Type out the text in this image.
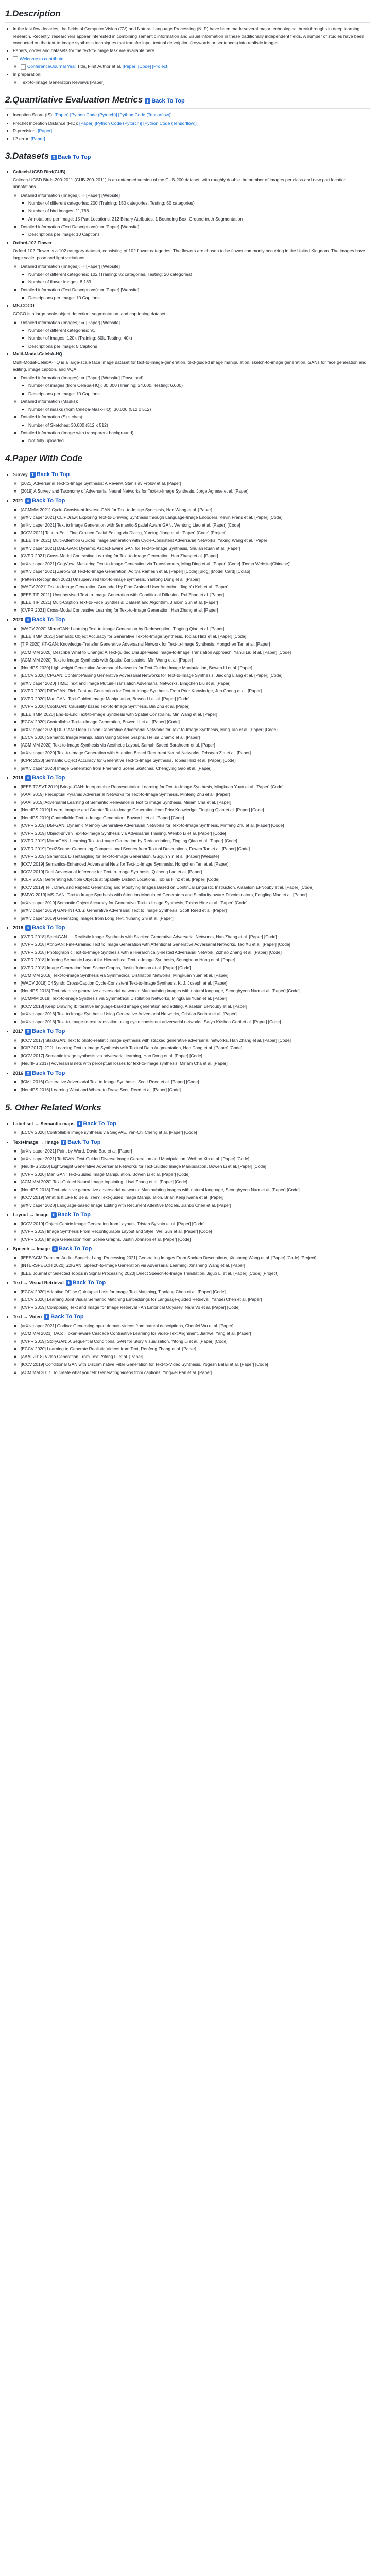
1.Description
• In the last few decades, the fields of Computer Vision (CV) and Natural Language Processing (NLP) have been made several major technological breakthroughs in deep learning research. Recently, researchers appear interested in combining semantic information and visual information in these traditionally independent fields. A number of studies have been conducted on the text-to-image synthesis techniques that transfer input textual description (keywords or sentences) into realistic images.
• Papers, codes and datasets for the text-to-image task are available here.
• Welcome to contribute!
◦ Conference/Journal Year Title, First Author et al. [Paper] [Code] [Project]
• In preparation:
◦ Text-to-Image Generation Reviews [Paper]
2.Quantitative Evaluation Metrics ⬆ Back To Top
• Inception Score (IS): [Paper] [Python Code (Pytorch)] [Python Code (Tensorflow)]
• Fréchet Inception Distance (FID): [Paper] [Python Code (Pytorch)] [Python Code (Tensorflow)]
• R-precision: [Paper]
• L2 error: [Paper]
3.Datasets ⬆ Back To Top
• Caltech-UCSD Bird(CUB)

Caltech-UCSD Birds-200-2011 (CUB-200-2011) is an extended version of the CUB-200 dataset, with roughly double the number of images per class and new part location annotations.

◦ Detailed information (Images): ⇒ [Paper] [Website]
▪ Number of different categories: 200 (Training: 150 categories. Testing: 50 categories)
▪ Number of bird images: 11,788
▪ Annotations per image: 15 Part Locations, 312 Binary Attributes, 1 Bounding Box, Ground-truth Segmentation
◦ Detailed information (Text Descriptions): ⇒ [Paper] [Website]
▪ Descriptions per image: 10 Captions
• Oxford-102 Flower

Oxford-102 Flower is a 102 category dataset, consisting of 102 flower categories. The flowers are chosen to be flower commonly occurring in the United Kingdom. The images have large scale, pose and light variations.

◦ Detailed information (Images): ⇒ [Paper] [Website]
▪ Number of different categories: 102 (Training: 82 categories. Testing: 20 categories)
▪ Number of flower images: 8,189
◦ Detailed information (Text Descriptions): ⇒ [Paper] [Website]
▪ Descriptions per image: 10 Captions
• MS-COCO

COCO is a large-scale object detection, segmentation, and captioning dataset.

◦ Detailed information (Images): ⇒ [Paper] [Website]
▪ Number of different categories: 91
▪ Number of images: 120k (Training: 80k. Testing: 40k)
▪ Descriptions per image: 5 Captions
• Multi-Modal-CelebA-HQ

Multi-Modal-CelebA-HQ is a large-scale face image dataset for text-to-image-generation, text-guided image manipulation, sketch-to-image generation, GANs for face generation and editing, image caption, and VQA.

◦ Detailed information (Images): ⇒ [Paper] [Website] [Download]
▪ Number of images (from Celeba-HQ): 30,000 (Training: 24,000. Testing: 6,000)
▪ Descriptions per image: 10 Captions
◦ Detailed information (Masks):
▪ Number of masks (from Celeba-Mask-HQ): 30,000 (512 x 512)
◦ Detailed information (Sketches):
▪ Number of Sketches: 30,000 (512 x 512)
◦ Detailed information (Image with transparent background):
▪ Not fully uploaded
4.Paper With Code
• Survey ⬆ Back To Top
◦ [2021] Adversarial Text-to-Image Synthesis: A Review, Stanislav Frolov et al. [Paper]
◦ [2019] A Survey and Taxonomy of Adversarial Neural Networks for Text-to-Image Synthesis, Jorge Agnese et al. [Paper]
• 2021 ⬆ Back To Top
◦ [ACMMM 2021] Cycle-Consistent Inverse GAN for Text-to-Image Synthesis, Hao Wang et al. [Paper]
◦ [arXiv paper 2021] CLIPDraw: Exploring Text-to-Drawing Synthesis through Language-Image Encoders, Kevin Frans et al. [Paper] [Code]
◦ [arXiv paper 2021] Text to Image Generation with Semantic-Spatial Aware GAN, Wentong Liao et al. [Paper] [Code]
◦ [ICCV 2021] Talk-to-Edit: Fine-Grained Facial Editing via Dialog, Yuming Jiang et al. [Paper] [Code] [Project]
◦ [IEEE TIP 2021] Multi-Attention Guided Image Generation with Cycle-Consistent Adversarial Networks, Yaxing Wang et al. [Paper]
◦ [arXiv paper 2021] DAE-GAN: Dynamic Aspect-aware GAN for Text-to-Image Synthesis, Shulan Ruan et al. [Paper]
◦ [CVPR 2021] Cross-Modal Contrastive Learning for Text-to-Image Generation, Han Zhang et al. [Paper]
◦ [arXiv paper 2021] CogView: Mastering Text-to-Image Generation via Transformers, Ming Ding et al. [Paper] [Code] [Demo Website(Chinese)]
◦ [arXiv paper 2021] Zero-Shot Text-to-Image Generation, Aditya Ramesh et al. [Paper] [Code] [Blog] [Model Card] [Colab]
◦ [Pattern Recognition 2021] Unsupervised text-to-image synthesis, Yanlong Dong et al. [Paper]
◦ [WACV 2021] Text-to-Image Generation Grounded by Fine-Grained User Attention, Jing Yu Koh et al. [Paper]
◦ [IEEE TIP 2021] Unsupervised Text-to-Image Generation with Conditional Diffusion, Rui Zhao et al. [Paper]
◦ [IEEE TIP 2021] Multi-Caption Text-to-Face Synthesis: Dataset and Algorithm, Jianxin Sun et al. [Paper]
◦ [CVPR 2021] Cross-Modal Contrastive Learning for Text-to-Image Generation, Han Zhang et al. [Paper]
• 2020 ⬆ Back To Top
◦ [WACV 2020] MirrorGAN: Learning Text-to-image Generation by Redescription, Tingting Qiao et al. [Paper]
◦ [IEEE TMM 2020] Semantic Object Accuracy for Generative Text-to-Image Synthesis, Tobias Hinz et al. [Paper] [Code]
◦ [TIP 2020] KT-GAN: Knowledge-Transfer Generative Adversarial Network for Text-to-Image Synthesis, Hongchen Tan et al. [Paper]
◦ [ACM MM 2020] Describe What to Change: A Text-guided Unsupervised Image-to-Image Translation Approach, Yahui Liu et al. [Paper] [Code]
◦ [ACM MM 2020] Text-to-Image Synthesis with Spatial Constraints, Min Wang et al. [Paper]
◦ [NeurIPS 2020] Lightweight Generative Adversarial Networks for Text-Guided Image Manipulation, Bowen Li et al. [Paper]
◦ [ECCV 2020] CPGAN: Content-Parsing Generative Adversarial Networks for Text-to-Image Synthesis, Jiadong Liang et al. [Paper] [Code]
◦ [arXiv paper 2020] TIME: Text and Image Mutual-Translation Adversarial Networks, Bingchen Liu et al. [Paper]
◦ [CVPR 2020] RiFeGAN: Rich Feature Generation for Text-to-Image Synthesis From Prior Knowledge, Jun Cheng et al. [Paper]
◦ [CVPR 2020] ManiGAN: Text-Guided Image Manipulation, Bowen Li et al. [Paper] [Code]
◦ [CVPR 2020] CookGAN: Causality based Text-to-Image Synthesis, Bin Zhu et al. [Paper]
◦ [IEEE TMM 2020] End-to-End Text-to-Image Synthesis with Spatial Constrains, Min Wang et al. [Paper]
◦ [ECCV 2020] Controllable Text-to-Image Generation, Bowen Li et al. [Paper] [Code]
◦ [arXiv paper 2020] DF-GAN: Deep Fusion Generative Adversarial Networks for Text-to-Image Synthesis, Ming Tao et al. [Paper] [Code]
◦ [ECCV 2020] Semantic Image Manipulation Using Scene Graphs, Helisa Dhamo et al. [Paper]
◦ [ACM MM 2020] Text-to-Image Synthesis via Aesthetic Layout, Samah Saeed Baraheem et al. [Paper]
◦ [arXiv paper 2020] Text-to-Image Generation with Attention Based Recurrent Neural Networks, Tehseen Zia et al. [Paper]
◦ [ICPR 2020] Semantic Object Accuracy for Generative Text-to-Image Synthesis, Tobias Hinz et al. [Paper] [Code]
◦ [arXiv paper 2020] Image Generation from Freehand Scene Sketches, Chengying Gao et al. [Paper]
• 2019 ⬆ Back To Top
◦ [IEEE TCSVT 2019] Bridge-GAN: Interpretable Representation Learning for Text-to-Image Synthesis, Mingkuan Yuan et al. [Paper] [Code]
◦ [AAAI 2019] Perceptual Pyramid Adversarial Networks for Text-to-Image Synthesis, Minfeng Zhu et al. [Paper]
◦ [AAAI 2019] Adversarial Learning of Semantic Relevance in Text to Image Synthesis, Miriam Cha et al. [Paper]
◦ [NeurIPS 2019] Learn, Imagine and Create: Text-to-Image Generation from Prior Knowledge, Tingting Qiao et al. [Paper] [Code]
◦ [NeurIPS 2019] Controllable Text-to-Image Generation, Bowen Li et al. [Paper] [Code]
◦ [CVPR 2019] DM-GAN: Dynamic Memory Generative Adversarial Networks for Text-to-Image Synthesis, Minfeng Zhu et al. [Paper] [Code]
◦ [CVPR 2019] Object-driven Text-to-Image Synthesis via Adversarial Training, Wenbo Li et al. [Paper] [Code]
◦ [CVPR 2019] MirrorGAN: Learning Text-to-image Generation by Redescription, Tingting Qiao et al. [Paper] [Code]
◦ [CVPR 2019] Text2Scene: Generating Compositional Scenes from Textual Descriptions, Fuwen Tan et al. [Paper] [Code]
◦ [CVPR 2019] Semantics Disentangling for Text-to-Image Generation, Guojun Yin et al. [Paper] [Website]
◦ [ICCV 2019] Semantics-Enhanced Adversarial Nets for Text-to-Image Synthesis, Hongchen Tan et al. [Paper]
◦ [ICCV 2019] Dual Adversarial Inference for Text-to-Image Synthesis, Qicheng Lao et al. [Paper]
◦ [ICLR 2019] Generating Multiple Objects at Spatially Distinct Locations, Tobias Hinz et al. [Paper] [Code]
◦ [ICCV 2019] Tell, Draw, and Repeat: Generating and Modifying Images Based on Continual Linguistic Instruction, Alaaeldin El-Nouby et al. [Paper] [Code]
◦ [BMVC 2019] MS-GAN: Text to Image Synthesis with Attention-Modulated Generators and Similarity-aware Discriminators, Fengling Mao et al. [Paper]
◦ [arXiv paper 2019] Semantic Object Accuracy for Generative Text-to-Image Synthesis, Tobias Hinz et al. [Paper] [Code]
◦ [arXiv paper 2019] GAN-INT-CLS: Generative Adversarial Text to Image Synthesis, Scott Reed et al. [Paper]
◦ [arXiv paper 2019] Generating Images from Long Text, Yuhang Shi et al. [Paper]
• 2018 ⬆ Back To Top
◦ [CVPR 2018] StackGAN++: Realistic Image Synthesis with Stacked Generative Adversarial Networks, Han Zhang et al. [Paper] [Code]
◦ [CVPR 2018] AttnGAN: Fine-Grained Text to Image Generation with Attentional Generative Adversarial Networks, Tao Xu et al. [Paper] [Code]
◦ [CVPR 2018] Photographic Text-to-Image Synthesis with a Hierarchically-nested Adversarial Network, Zizhao Zhang et al. [Paper] [Code]
◦ [CVPR 2018] Inferring Semantic Layout for Hierarchical Text-to-Image Synthesis, Seunghoon Hong et al. [Paper]
◦ [CVPR 2018] Image Generation from Scene Graphs, Justin Johnson et al. [Paper] [Code]
◦ [ACM MM 2018] Text-to-image Synthesis via Symmetrical Distillation Networks, Mingkuan Yuan et al. [Paper]
◦ [WACV 2018] C4Synth: Cross-Caption Cycle-Consistent Text-to-Image Synthesis, K. J. Joseph et al. [Paper]
◦ [NeurIPS 2018] Text-adaptive generative adversarial networks: Manipulating images with natural language, Seonghyeon Nam et al. [Paper] [Code]
◦ [ACMMM 2018] Text-to-image Synthesis via Symmetrical Distillation Networks, Mingkuan Yuan et al. [Paper]
◦ [ICCV 2018] Keep Drawing It: Iterative language-based image generation and editing, Alaaeldin El-Nouby et al. [Paper]
◦ [arXiv paper 2018] Text to Image Synthesis Using Generative Adversarial Networks, Cristian Bodnar et al. [Paper]
◦ [arXiv paper 2018] Text-to-image-to-text translation using cycle consistent adversarial networks, Satya Krishna Gorti et al. [Paper] [Code]
• 2017 ⬆ Back To Top
◦ [ICCV 2017] StackGAN: Text to photo-realistic image synthesis with stacked generative adversarial networks, Han Zhang et al. [Paper] [Code]
◦ [ICIP 2017] I2T2I: Learning Text to Image Synthesis with Textual Data Augmentation, Hao Dong et al. [Paper] [Code]
◦ [ICCV 2017] Semantic image synthesis via adversarial learning, Hao Dong et al. [Paper] [Code]
◦ [NeurIPS 2017] Adversarial nets with perceptual losses for text-to-image synthesis, Miriam Cha et al. [Paper]
• 2016 ⬆ Back To Top
◦ [ICML 2016] Generative Adversarial Text to Image Synthesis, Scott Reed et al. [Paper] [Code]
◦ [NeurIPS 2016] Learning What and Where to Draw, Scott Reed et al. [Paper] [Code]
5. Other Related Works
• Label-set → Semantic maps ⬆ Back To Top
◦ [ECCV 2020] Controllable image synthesis via SegVAE, Yen-Chi Cheng et al. [Paper] [Code]
• Text+Image → Image ⬆ Back To Top
◦ [arXiv paper 2021] Paint by Word, David Bau et al. [Paper]
◦ [arXiv paper 2021] TediGAN: Text-Guided Diverse Image Generation and Manipulation, Weihao Xia et al. [Paper] [Code]
◦ [NeurIPS 2020] Lightweight Generative Adversarial Networks for Text-Guided Image Manipulation, Bowen Li et al. [Paper] [Code]
◦ [CVPR 2020] ManiGAN: Text-Guided Image Manipulation, Bowen Li et al. [Paper] [Code]
◦ [ACM MM 2020] Text-Guided Neural Image Inpainting, Lisai Zhang et al. [Paper] [Code]
◦ [NeurIPS 2018] Text-adaptive generative adversarial networks: Manipulating images with natural language, Seonghyeon Nam et al. [Paper] [Code]
◦ [ICCV 2019] What Is It Like to Be a Tree? Text-guided Image Manipulation, Brian Kenji Iwana et al. [Paper]
◦ [arXiv paper 2020] Language-based Image Editing with Recurrent Attentive Models, Jianbo Chen et al. [Paper]
• Layout → Image ⬆ Back To Top
◦ [ICCV 2019] Object-Centric Image Generation from Layouts, Tristan Sylvain et al. [Paper] [Code]
◦ [CVPR 2019] Image Synthesis From Reconfigurable Layout and Style, Wei Sun et al. [Paper] [Code]
◦ [CVPR 2018] Image Generation from Scene Graphs, Justin Johnson et al. [Paper] [Code]
• Speech → Image ⬆ Back To Top
◦ [IEEE/ACM Trans on Audio, Speech, Lang. Processing 2021] Generating Images From Spoken Descriptions, Xinsheng Wang et al. [Paper] [Code] [Project]
◦ [INTERSPEECH 2020] S2IGAN: Speech-to-Image Generation via Adversarial Learning, Xinsheng Wang et al. [Paper]
◦ [IEEE Journal of Selected Topics in Signal Processing 2020] Direct Speech-to-Image Translation, Jiguo Li et al. [Paper] [Code] [Project]
• Text → Visual Retrieval ⬆ Back To Top
◦ [ECCV 2020] Adaptive Offline Quintuplet Loss for Image-Text Matching, Tianlang Chen et al. [Paper] [Code]
◦ [ECCV 2020] Learning Joint Visual Semantic Matching Embeddings for Language-guided Retrieval, Yanbei Chen et al. [Paper]
◦ [CVPR 2019] Composing Text and Image for Image Retrieval - An Empirical Odyssey, Nam Vo et al. [Paper] [Code]
• Text → Video ⬆ Back To Top
◦ [arXiv paper 2021] Godiva: Generating open-domain videos from natural descriptions, Chenfei Wu et al. [Paper]
◦ [ACM MM 2021] TACo: Token-aware Cascade Contrastive Learning for Video-Text Alignment, Jianwei Yang et al. [Paper]
◦ [CVPR 2019] StoryGAN: A Sequential Conditional GAN for Story Visualization, Yitong Li et al. [Paper] [Code]
◦ [ECCV 2020] Learning to Generate Realistic Videos from Text, Renfeng Zhang et al. [Paper]
◦ [AAAI 2018] Video Generation From Text, Yitong Li et al. [Paper]
◦ [ICCV 2019] Conditional GAN with Discriminative Filter Generation for Text-to-Video Synthesis, Yogesh Balaji et al. [Paper] [Code]
◦ [ACM MM 2017] To create what you tell: Generating videos from captions, Yingwei Pan et al. [Paper]
